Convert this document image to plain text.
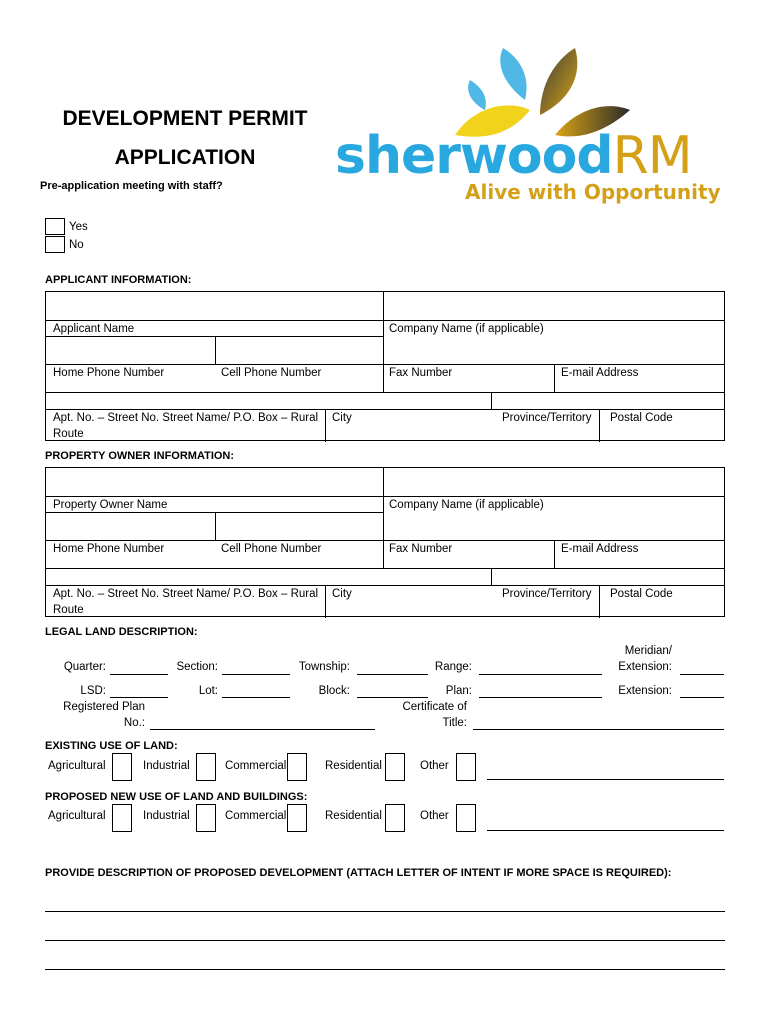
DEVELOPMENT PERMIT
APPLICATION	sherwoodRM
Alive with Opportunity
Pre-application meeting with staff?
Yes
No
APPLICANT INFORMATION:
Applicant Name	Company Name (if applicable)
Home Phone Number	Cell Phone Number	Fax Number	E-mail Address
Apt. No. – Street No. Street Name/ P.O. Box – Rural Route
City	Province/Territory Postal Code
PROPERTY OWNER INFORMATION:
Property Owner Name	Company Name (if applicable)
Home Phone Number	Cell Phone Number	Fax Number	E-mail Address
Apt. No. – Street No. Street Name/ P.O. Box – Rural Route
City	Province/Territory Postal Code
LEGAL LAND DESCRIPTION:
Quarter:	Section:	Township:	Range:
Meridian/ Extension:
LSD:	Lot:	Block:	Plan:	Extension:
Registered Plan No.:
Certificate of Title:
EXISTING USE OF LAND:
Agricultural	Industrial	Commercial	Residential	Other
PROPOSED NEW USE OF LAND AND BUILDINGS:
Agricultural	Industrial	Commercial	Residential	Other
PROVIDE DESCRIPTION OF PROPOSED DEVELOPMENT (ATTACH LETTER OF INTENT IF MORE SPACE IS REQUIRED):
